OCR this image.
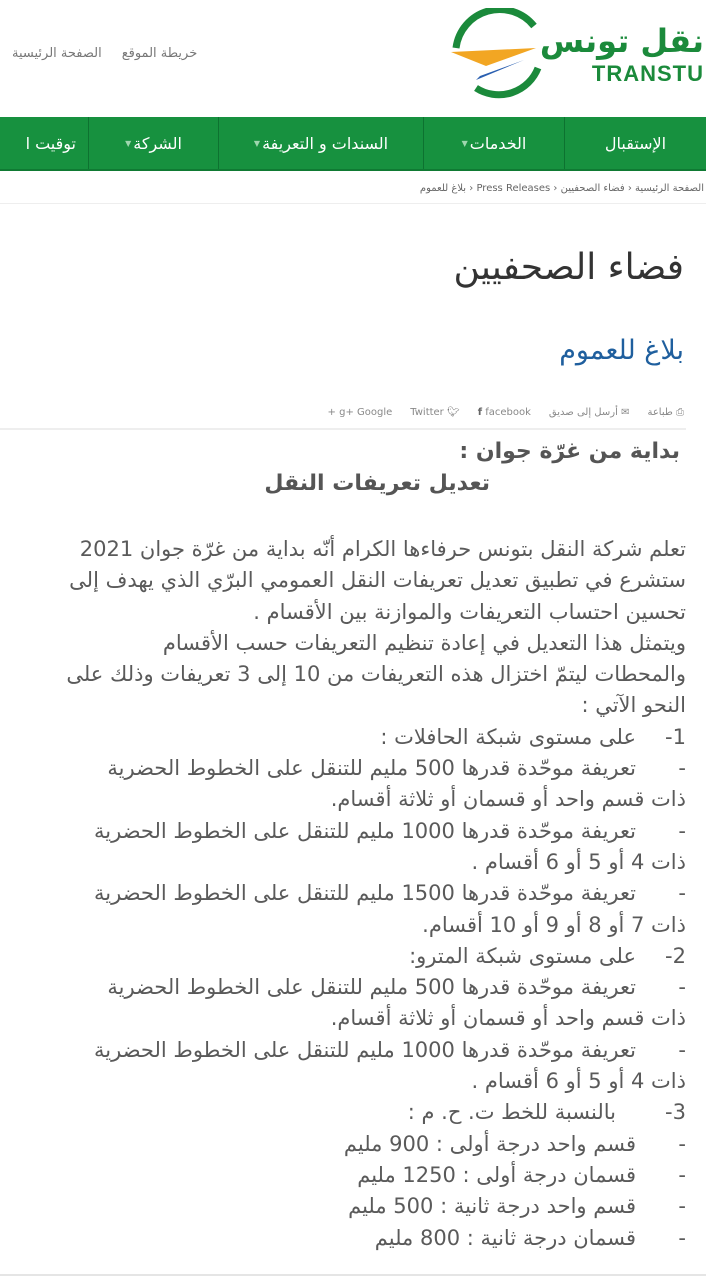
الصفحة الرئيسية خريطة الموقع	نقل تونس
TRANSTU
الإستقبال
الخدمات
▼
السندات و التعريفة
▼
الشركة
▼
توقيت ا
الصفحة الرئيسية ‹ فضاء الصحفيين ‹ Press Releases ‹ بلاغ للعموم
فضاء الصحفيين
بلاغ للعموم
⎙ طباعة
✉ أرسل إلى صديق
f facebook
🐦︎ Twitter
g+ Google +
بداية من غرّة جوان :
تعديل تعريفات النقل
تعلم شركة النقل بتونس حرفاءها الكرام أنّه بداية من غرّة جوان 2021
ستشرع في تطبيق تعديل تعريفات النقل العمومي البرّي الذي يهدف إلى
تحسين احتساب التعريفات والموازنة بين الأقسام .
ويتمثل هذا التعديل في إعادة تنظيم التعريفات حسب الأقسام
والمحطات ليتمّ اختزال هذه التعريفات من 10 إلى 3 تعريفات وذلك على
النحو الآتي :
1-
على مستوى شبكة الحافلات :
-
تعريفة موحّدة قدرها 500 مليم للتنقل على الخطوط الحضرية
ذات قسم واحد أو قسمان أو ثلاثة أقسام.
-
تعريفة موحّدة قدرها 1000 مليم للتنقل على الخطوط الحضرية
ذات 4 أو 5 أو 6 أقسام .
-
تعريفة موحّدة قدرها 1500 مليم للتنقل على الخطوط الحضرية
ذات 7 أو 8 أو 9 أو 10 أقسام.
2-
على مستوى شبكة المترو:
-
تعريفة موحّدة قدرها 500 مليم للتنقل على الخطوط الحضرية
ذات قسم واحد أو قسمان أو ثلاثة أقسام.
-
تعريفة موحّدة قدرها 1000 مليم للتنقل على الخطوط الحضرية
ذات 4 أو 5 أو 6 أقسام .
3-
بالنسبة للخط ت. ح. م :
-
قسم واحد درجة أولى : 900 مليم
-
قسمان درجة أولى : 1250 مليم
-
قسم واحد درجة ثانية : 500 مليم
-
قسمان درجة ثانية : 800 مليم
